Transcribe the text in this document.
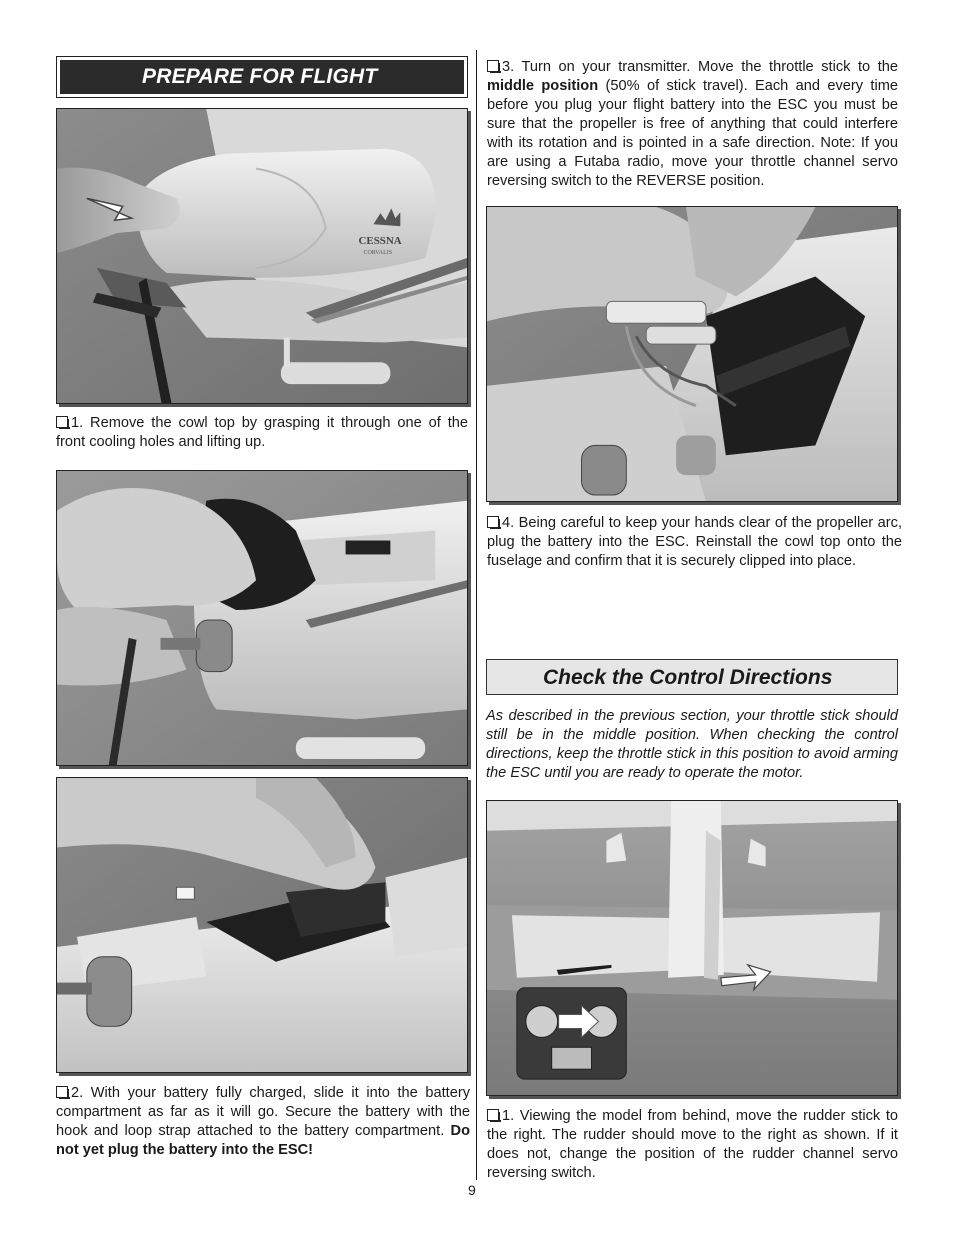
PREPARE FOR FLIGHT
CESSNA
CORVALIS
1. Remove the cowl top by grasping it through one of the front cooling holes and lifting up.
2. With your battery fully charged, slide it into the battery compartment as far as it will go. Secure the battery with the hook and loop strap attached to the battery compartment. Do not yet plug the battery into the ESC!
3. Turn on your transmitter. Move the throttle stick to the middle position (50% of stick travel). Each and every time before you plug your flight battery into the ESC you must be sure that the propeller is free of anything that could interfere with its rotation and is pointed in a safe direction. Note: If you are using a Futaba radio, move your throttle channel servo reversing switch to the REVERSE position.
4. Being careful to keep your hands clear of the propeller arc, plug the battery into the ESC. Reinstall the cowl top onto the fuselage and confirm that it is securely clipped into place.
Check the Control Directions
As described in the previous section, your throttle stick should still be in the middle position. When checking the control directions, keep the throttle stick in this position to avoid arming the ESC until you are ready to operate the motor.
1. Viewing the model from behind, move the rudder stick to the right. The rudder should move to the right as shown. If it does not, change the position of the rudder channel servo reversing switch.
9
